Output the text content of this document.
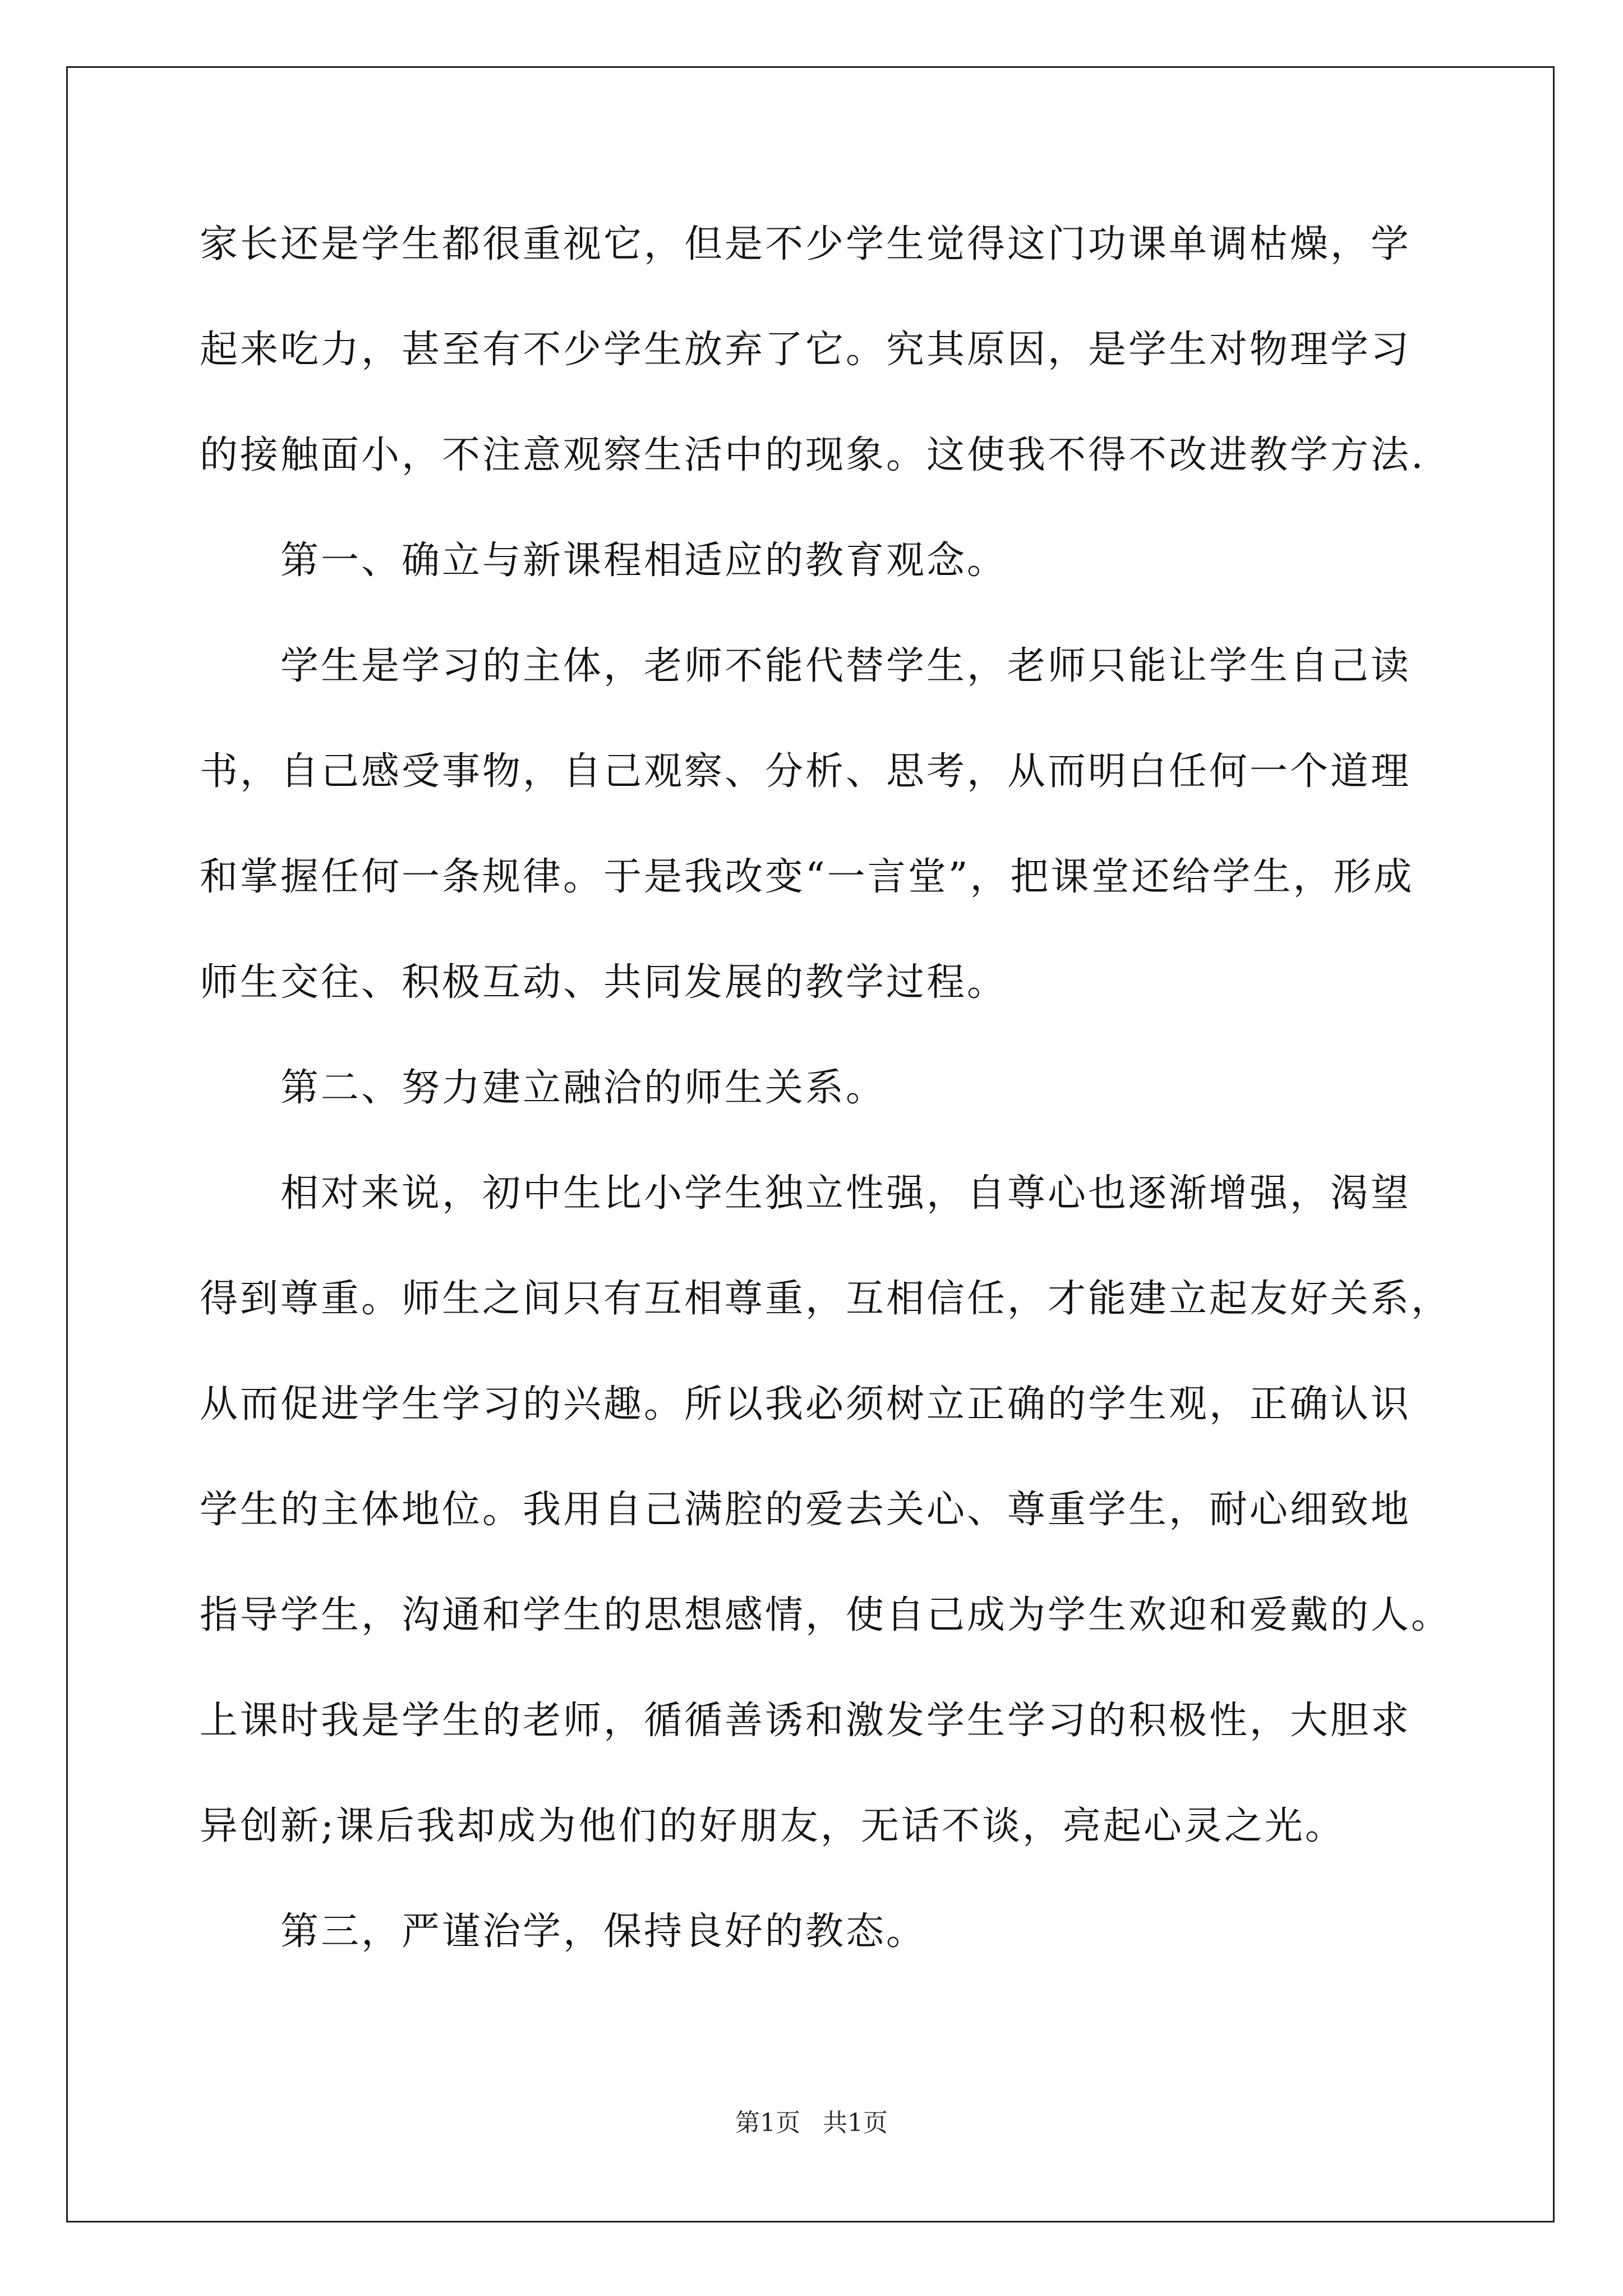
家长还是学生都很重视它，但是不少学生觉得这门功课单调枯燥，学
起来吃力，甚至有不少学生放弃了它。究其原因，是学生对物理学习
的接触面小，不注意观察生活中的现象。这使我不得不改进教学方法.
第一、确立与新课程相适应的教育观念。
学生是学习的主体，老师不能代替学生，老师只能让学生自己读
书，自己感受事物，自己观察、分析、思考，从而明白任何一个道理
和掌握任何一条规律。于是我改变“一言堂”，把课堂还给学生，形成
师生交往、积极互动、共同发展的教学过程。
第二、努力建立融洽的师生关系。
相对来说，初中生比小学生独立性强，自尊心也逐渐增强，渴望
得到尊重。师生之间只有互相尊重，互相信任，才能建立起友好关系，
从而促进学生学习的兴趣。所以我必须树立正确的学生观，正确认识
学生的主体地位。我用自己满腔的爱去关心、尊重学生，耐心细致地
指导学生，沟通和学生的思想感情，使自己成为学生欢迎和爱戴的人。
上课时我是学生的老师，循循善诱和激发学生学习的积极性，大胆求
异创新;课后我却成为他们的好朋友，无话不谈，亮起心灵之光。
第三，严谨治学，保持良好的教态。
第1页 共1页
